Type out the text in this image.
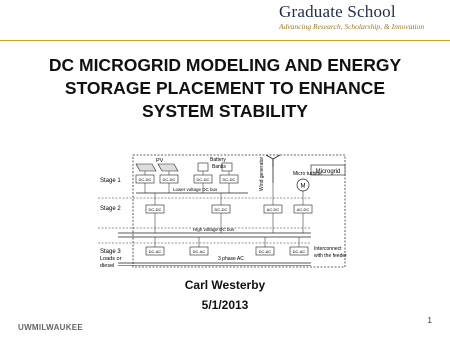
Graduate School
Advancing Research, Scholarship, & Innovation
DC MICROGRID MODELING AND ENERGY
STORAGE PLACEMENT TO ENHANCE
SYSTEM STABILITY
Microgrid
Stage 1
Stage 2
Stage 3
Loads or
diesel
PV	Battery
Banks	Wind generator	M
Micro turbine
DC-DC	DC-DC	DC-DC	DC-DC
Lower voltage DC bus
DC-DC	DC-DC	AC-DC	AC-DC
High voltage DC bus
DC-AC	DC-AC	DC-AC	DC-AC
3 phase AC
Interconnect
with the feeder
Carl Westerby
5/1/2013
1
UWMILWAUKEE
